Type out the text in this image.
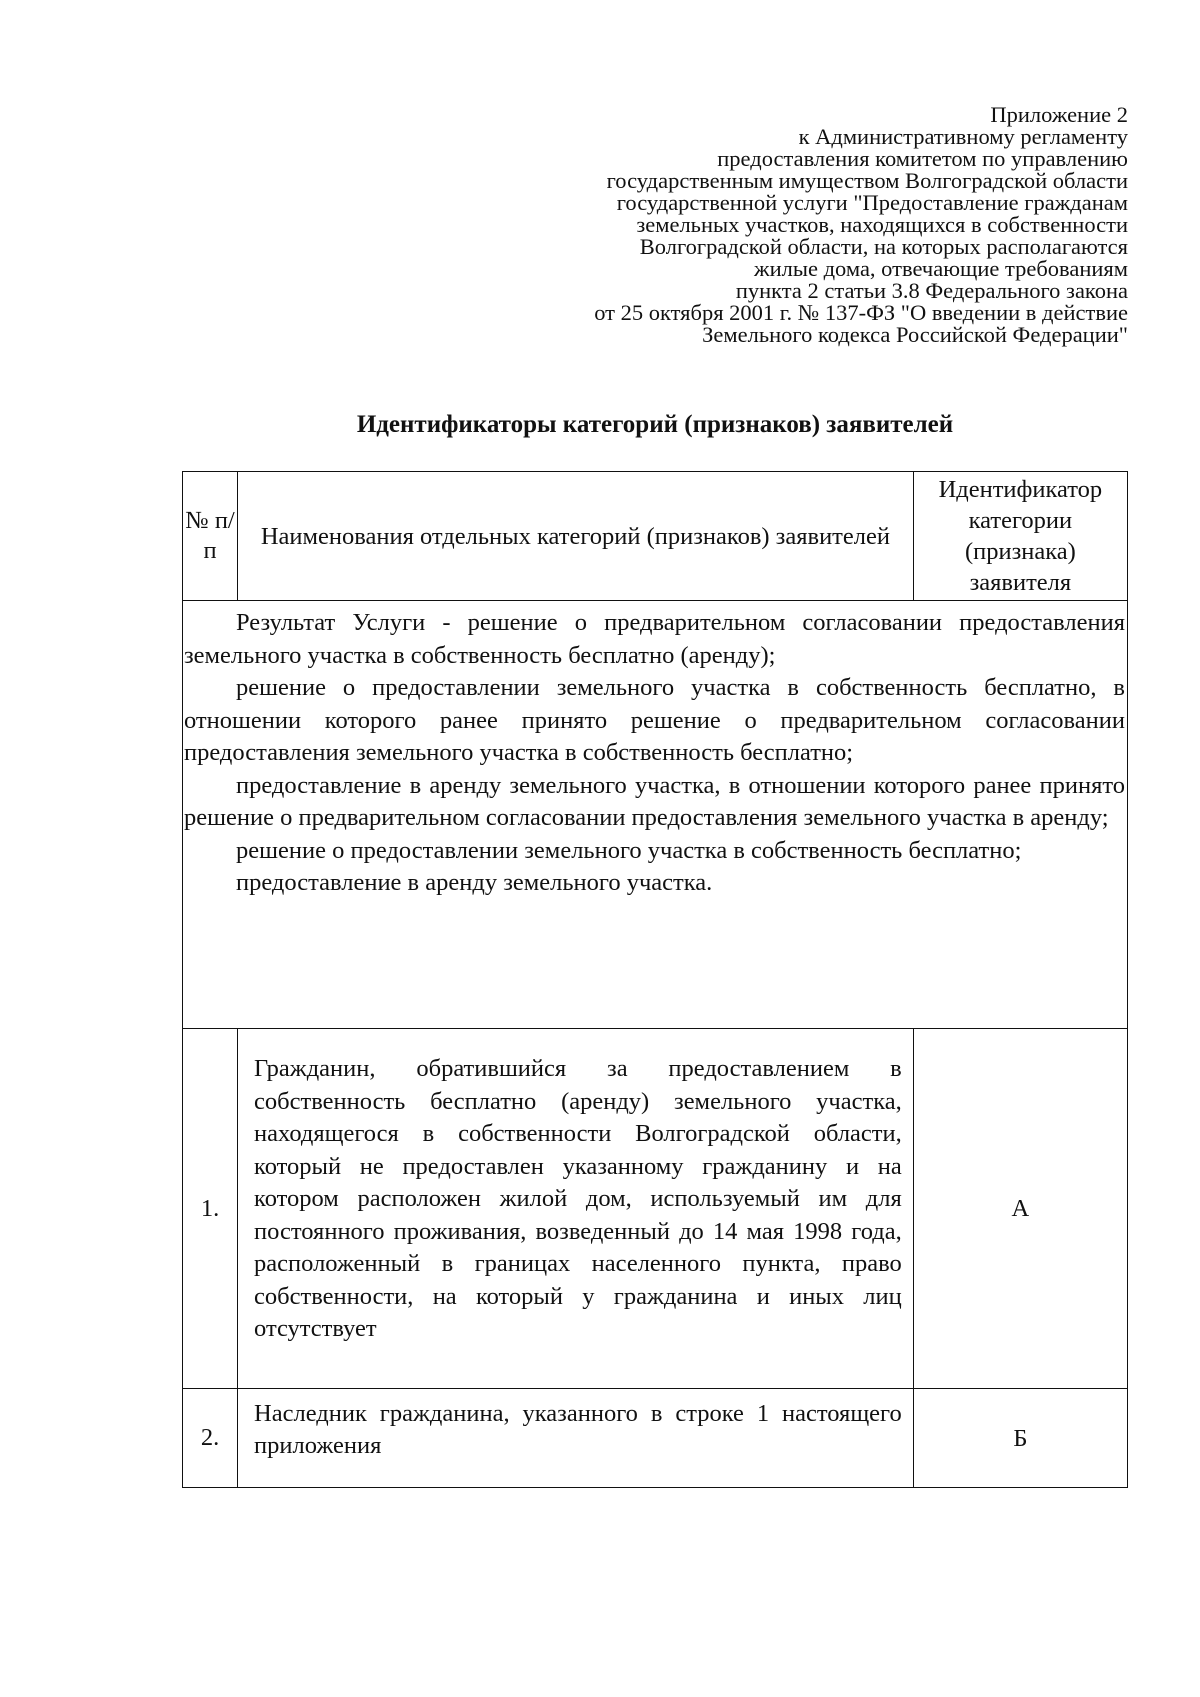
Приложение 2
к Административному регламенту
предоставления комитетом по управлению
государственным имуществом Волгоградской области
государственной услуги "Предоставление гражданам
земельных участков, находящихся в собственности
Волгоградской области, на которых располагаются
жилые дома, отвечающие требованиям
пункта 2 статьи 3.8 Федерального закона
от 25 октября 2001 г. № 137-ФЗ "О введении в действие
Земельного кодекса Российской Федерации"
Идентификаторы категорий (признаков) заявителей
№ п/п	Наименования отдельных категорий (признаков) заявителей	Идентификатор категории (признака) заявителя

Результат Услуги - решение о предварительном согласовании предоставления земельного участка в собственность бесплатно (аренду);

решение о предоставлении земельного участка в собственность бесплатно, в отношении которого ранее принято решение о предварительном согласовании предоставления земельного участка в собственность бесплатно;

предоставление в аренду земельного участка, в отношении которого ранее принято решение о предварительном согласовании предоставления земельного участка в аренду;

решение о предоставлении земельного участка в собственность бесплатно;

предоставление в аренду земельного участка.		

1.	Гражданин, обратившийся за предоставлением в собственность бесплатно (аренду) земельного участка, находящегося в собственности Волгоградской области, который не предоставлен указанному гражданину и на котором расположен жилой дом, используемый им для постоянного проживания, возведенный до 14 мая 1998 года, расположенный в границах населенного пункта, право собственности, на который у гражданина и иных лиц отсутствует	А
2.	Наследник гражданина, указанного в строке 1 настоящего приложения	Б
